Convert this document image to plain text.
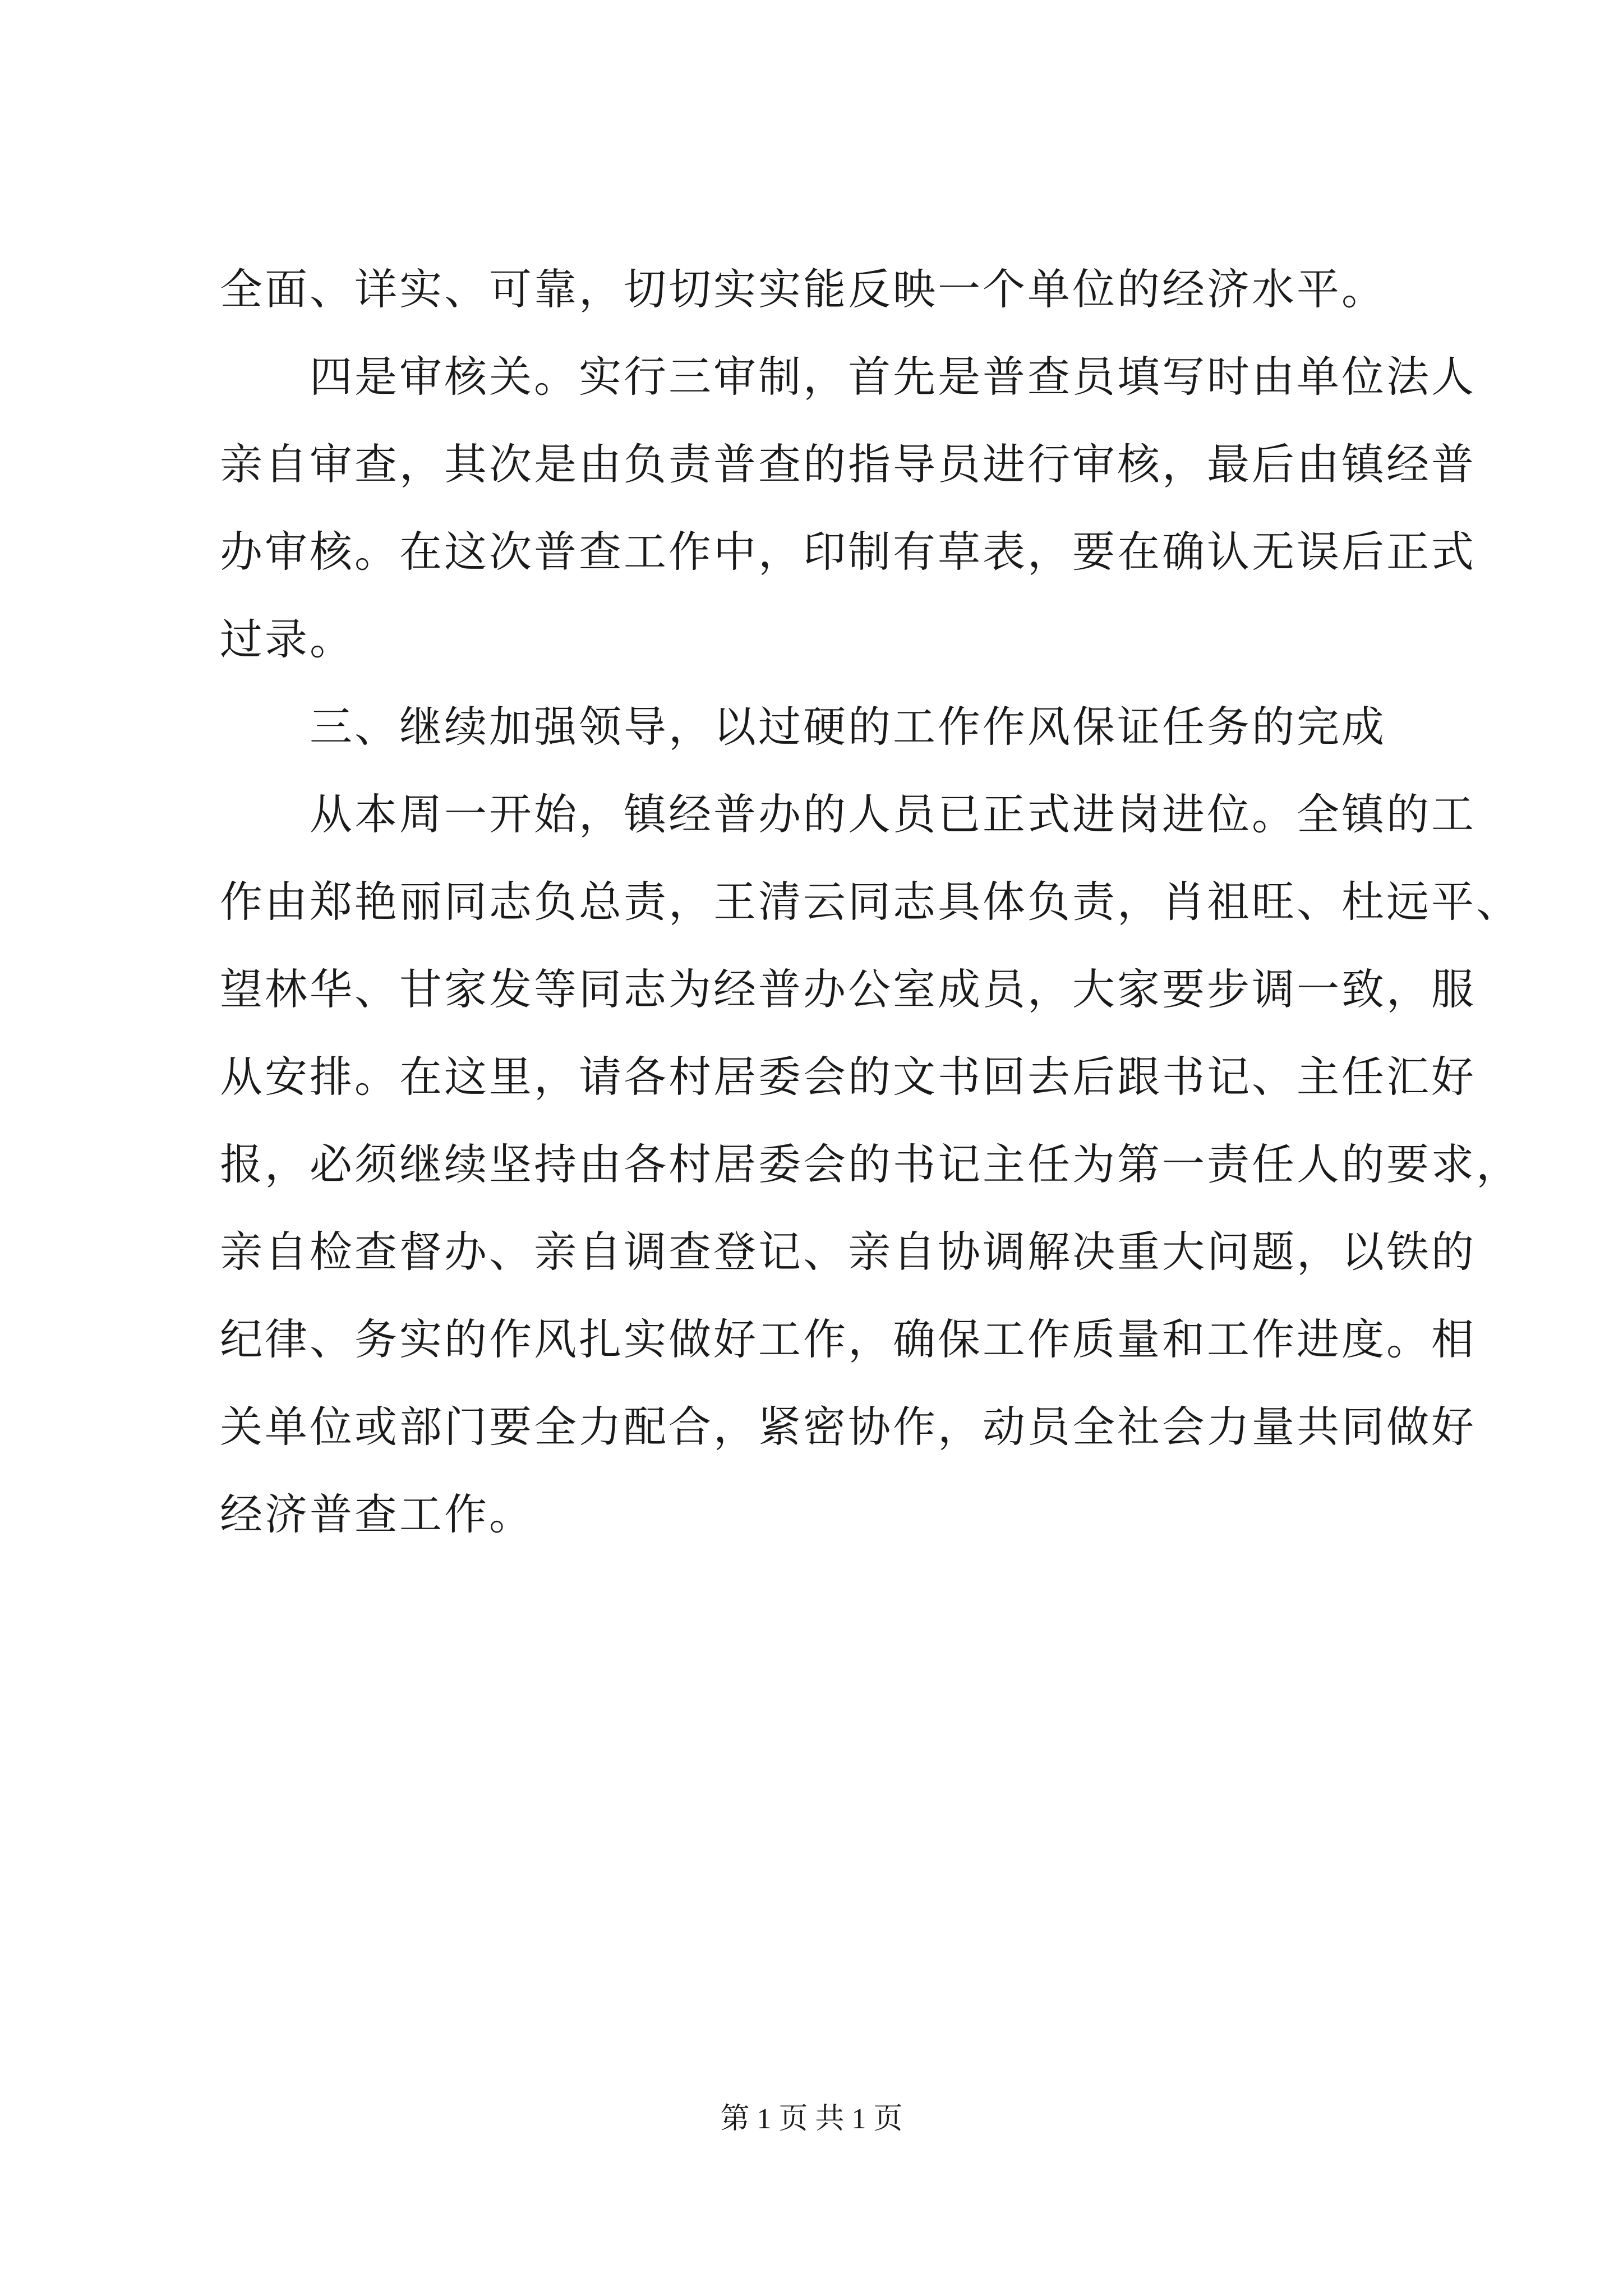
全面、详实、可靠，切切实实能反映一个单位的经济水平。
四是审核关。实行三审制，首先是普查员填写时由单位法人
亲自审查，其次是由负责普查的指导员进行审核，最后由镇经普
办审核。在这次普查工作中，印制有草表，要在确认无误后正式
过录。
三、继续加强领导，以过硬的工作作风保证任务的完成
从本周一开始，镇经普办的人员已正式进岗进位。全镇的工
作由郑艳丽同志负总责，王清云同志具体负责，肖祖旺、杜远平、
望林华、甘家发等同志为经普办公室成员，大家要步调一致，服
从安排。在这里，请各村居委会的文书回去后跟书记、主任汇好
报，必须继续坚持由各村居委会的书记主任为第一责任人的要求，
亲自检查督办、亲自调查登记、亲自协调解决重大问题，以铁的
纪律、务实的作风扎实做好工作，确保工作质量和工作进度。相
关单位或部门要全力配合，紧密协作，动员全社会力量共同做好
经济普查工作。
第 1 页 共 1 页
